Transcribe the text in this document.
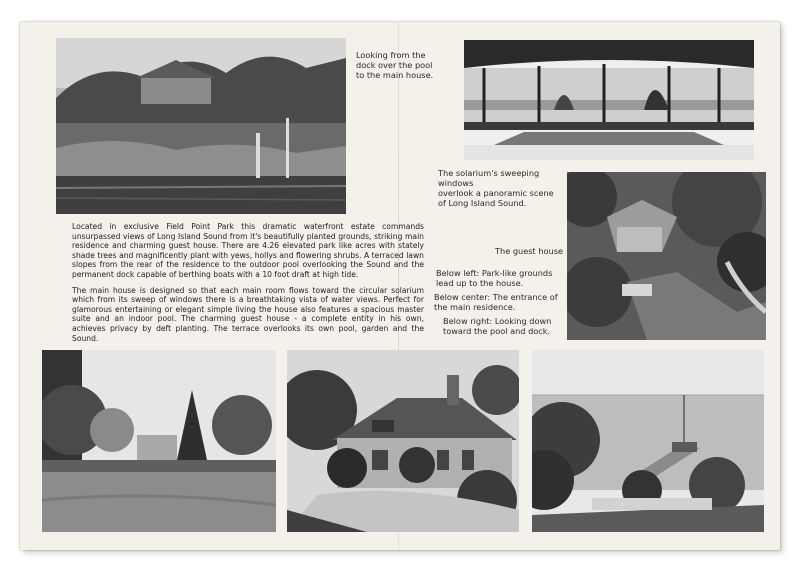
Looking from the
dock over the pool
to the main house.
The solarium's sweeping windows
overlook a panoramic scene
of Long Island Sound.
The guest house
Below left: Park-like grounds
lead up to the house.
Below center: The entrance of
the main residence.
Below right: Looking down
toward the pool and dock.

Located in exclusive Field Point Park this dramatic waterfront estate commands unsurpassed views of Long Island Sound from it's beautifully planted grounds, striking main residence and charming guest house. There are 4.26 elevated park like acres with stately shade trees and magnificently plant with yews, hollys and flowering shrubs. A terraced lawn slopes from the rear of the residence to the outdoor pool overlooking the Sound and the permanent dock capable of berthing boats with a 10 foot draft at high tide.

The main house is designed so that each main room flows toward the circular solarium which from its sweep of windows there is a breathtaking vista of water views. Perfect for glamorous entertaining or elegant simple living the house also features a spacious master suite and an indoor pool. The charming guest house - a complete entity in his own, achieves privacy by deft planting. The terrace overlooks its own pool, garden and the Sound.
